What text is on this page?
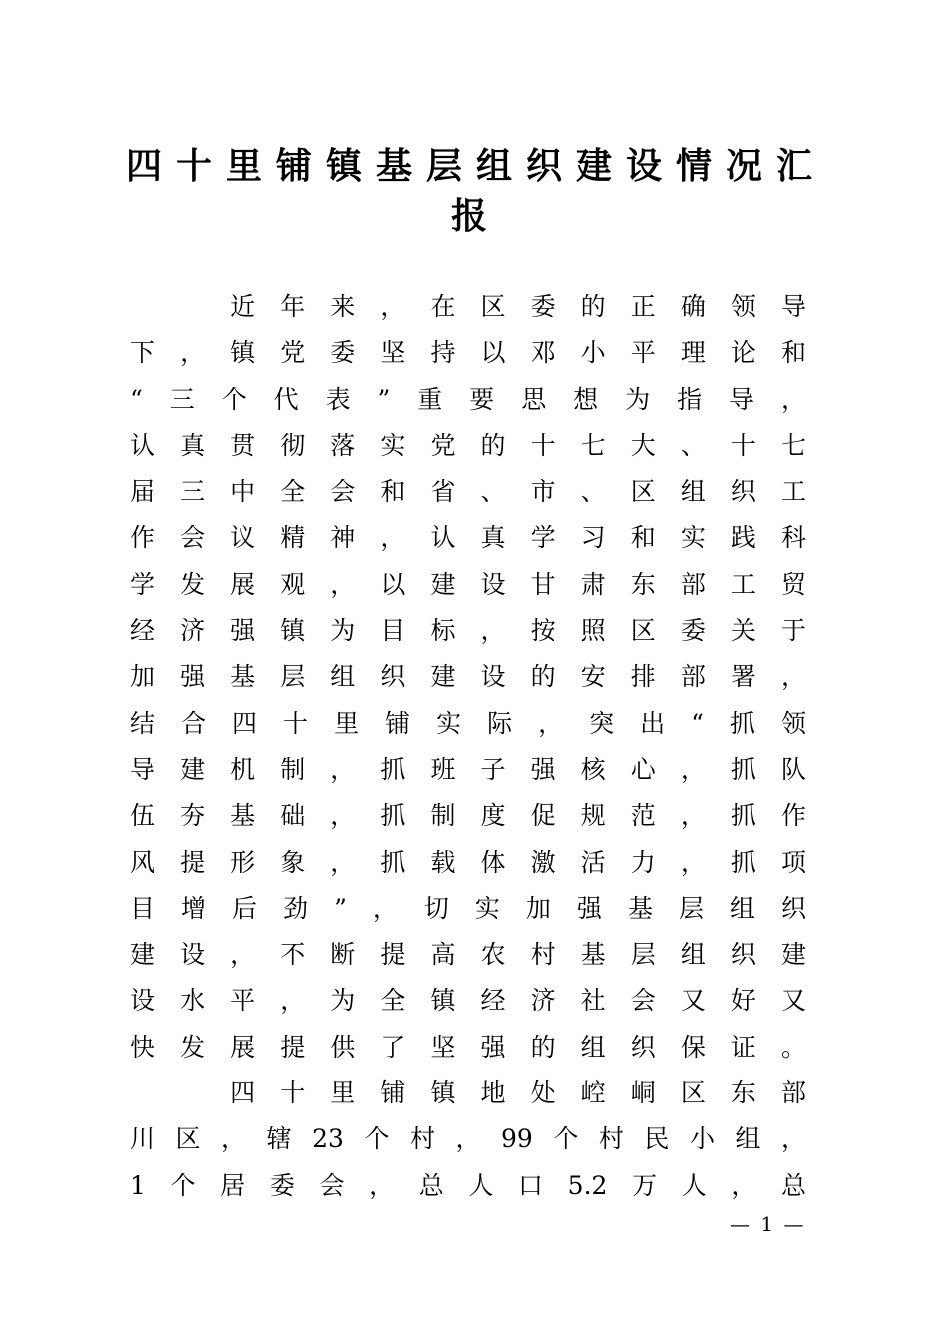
四十里铺镇基层组织建设情况汇报

　　近年来，在区委的正确领导
下，镇党委坚持以邓小平理论和
“三个代表”重要思想为指导，
认真贯彻落实党的十七大、十七
届三中全会和省、市、区组织工
作会议精神，认真学习和实践科
学发展观，以建设甘肃东部工贸
经济强镇为目标，按照区委关于
加强基层组织建设的安排部署，
结合四十里铺实际，突出“抓领
导建机制，抓班子强核心，抓队
伍夯基础，抓制度促规范，抓作
风提形象，抓载体激活力，抓项
目增后劲”，切实加强基层组织
建设，不断提高农村基层组织建
设水平，为全镇经济社会又好又
快发展提供了坚强的组织保证。

　　四十里铺镇地处崆峒区东部
川区，辖23个村，99个村民小组，
1个居委会，总人口5.2万人，总

— 1 —
